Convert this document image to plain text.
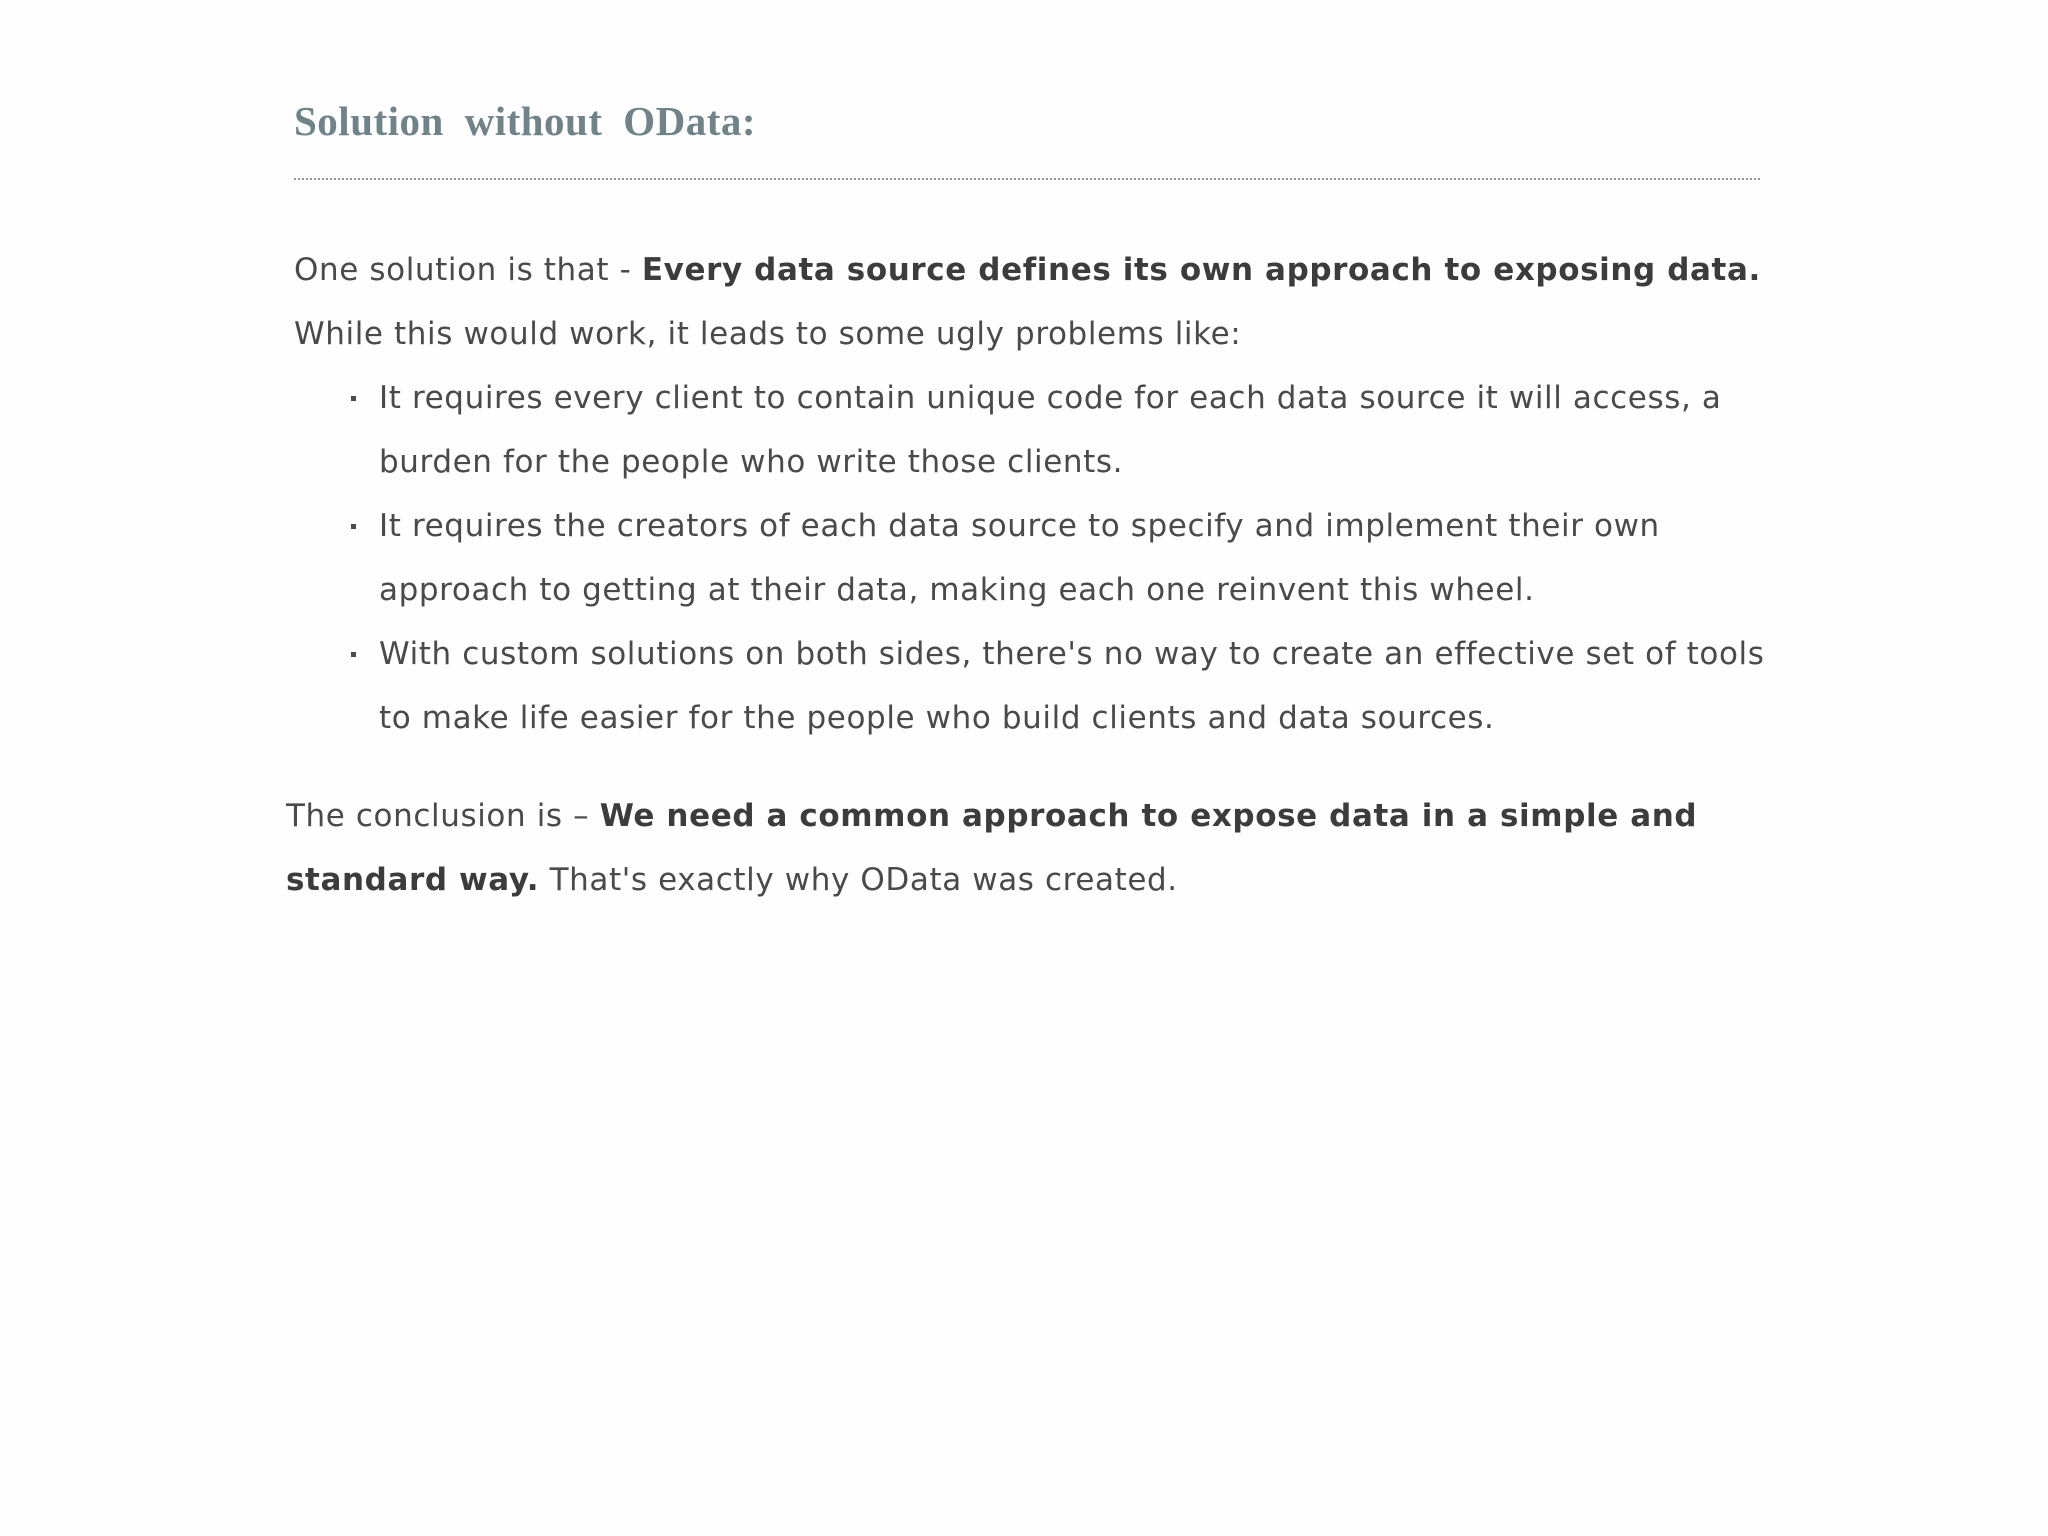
Solution without OData:

One solution is that - Every data source defines its own approach to exposing data.
While this would work, it leads to some ugly problems like:

It requires every client to contain unique code for each data source it will access, a burden for the people who write those clients.
It requires the creators of each data source to specify and implement their own approach to getting at their data, making each one reinvent this wheel.
With custom solutions on both sides, there's no way to create an effective set of tools to make life easier for the people who build clients and data sources.

The conclusion is – We need a common approach to expose data in a simple and standard way. That's exactly why OData was created.
